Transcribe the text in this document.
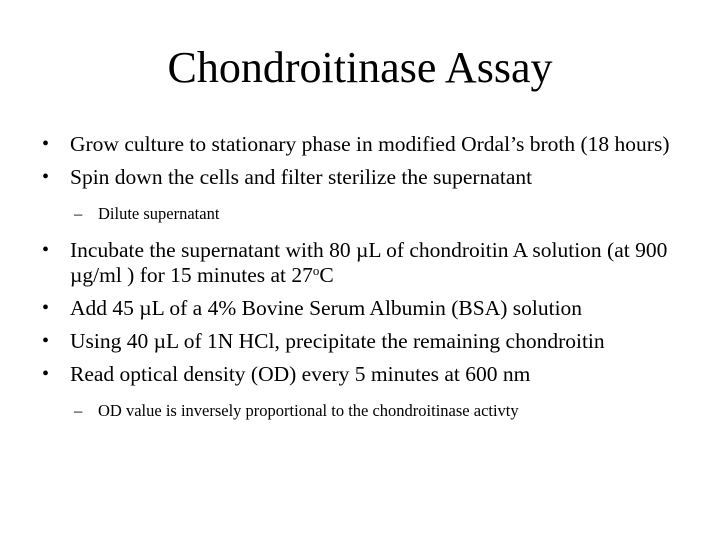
Chondroitinase Assay
• Grow culture to stationary phase in modified Ordal’s broth (18 hours)
• Spin down the cells and filter sterilize the supernatant
– Dilute supernatant
• Incubate the supernatant with 80 µL of chondroitin A solution (at 900 µg/ml ) for 15 minutes at 27$^o$C
• Add 45 µL of a 4% Bovine Serum Albumin (BSA) solution
• Using 40 µL of 1N HCl, precipitate the remaining chondroitin
• Read optical density (OD) every 5 minutes at 600 nm
– OD value is inversely proportional to the chondroitinase activty
